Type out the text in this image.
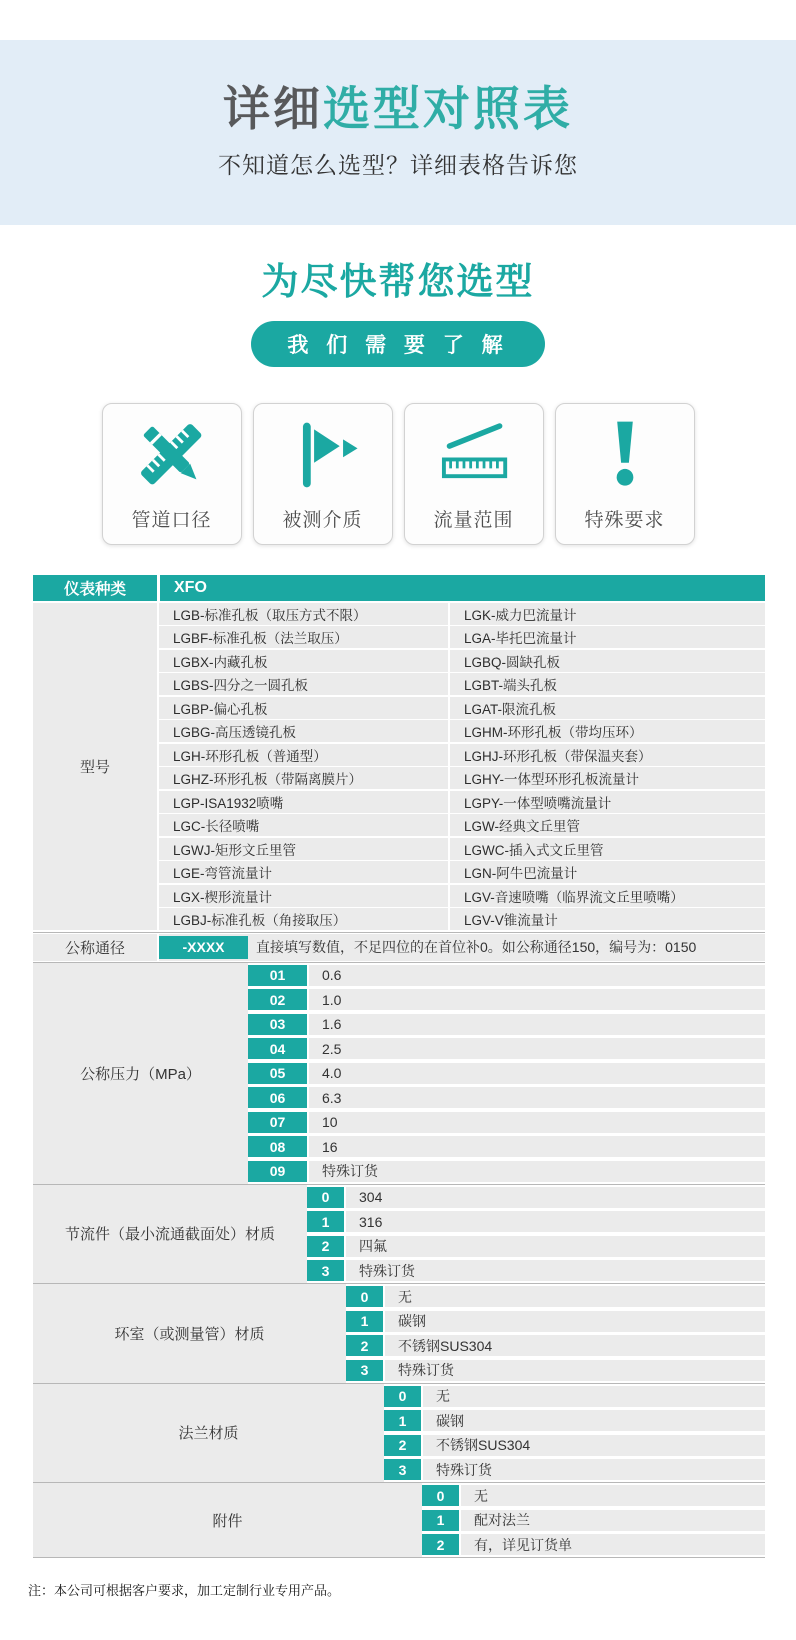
详细选型对照表
不知道怎么选型？详细表格告诉您
为尽快帮您选型
我 们 需 要 了 解
管道口径	被测介质	流量范围	特殊要求
仪表种类	XFO
型号
LGB-标准孔板（取压方式不限）	LGK-威力巴流量计
LGBF-标准孔板（法兰取压）	LGA-毕托巴流量计
LGBX-内藏孔板	LGBQ-圆缺孔板
LGBS-四分之一圆孔板	LGBT-端头孔板
LGBP-偏心孔板	LGAT-限流孔板
LGBG-高压透镜孔板	LGHM-环形孔板（带均压环）
LGH-环形孔板（普通型）	LGHJ-环形孔板（带保温夹套）
LGHZ-环形孔板（带隔离膜片）	LGHY-一体型环形孔板流量计
LGP-ISA1932喷嘴	LGPY-一体型喷嘴流量计
LGC-长径喷嘴	LGW-经典文丘里管
LGWJ-矩形文丘里管	LGWC-插入式文丘里管
LGE-弯管流量计	LGN-阿牛巴流量计
LGX-楔形流量计	LGV-音速喷嘴（临界流文丘里喷嘴）
LGBJ-标准孔板（角接取压）	LGV-V锥流量计
公称通径	-XXXX	直接填写数值，不足四位的在首位补0。如公称通径150，编号为：0150
公称压力（MPa）
01	0.6
02	1.0
03	1.6
04	2.5
05	4.0
06	6.3
07	10
08	16
09	特殊订货
节流件（最小流通截面处）材质
0	304
1	316
2	四氟
3	特殊订货
环室（或测量管）材质
0	无
1	碳钢
2	不锈钢SUS304
3	特殊订货
法兰材质
0	无
1	碳钢
2	不锈钢SUS304
3	特殊订货
附件
0	无
1	配对法兰
2	有，详见订货单
注：本公司可根据客户要求，加工定制行业专用产品。
